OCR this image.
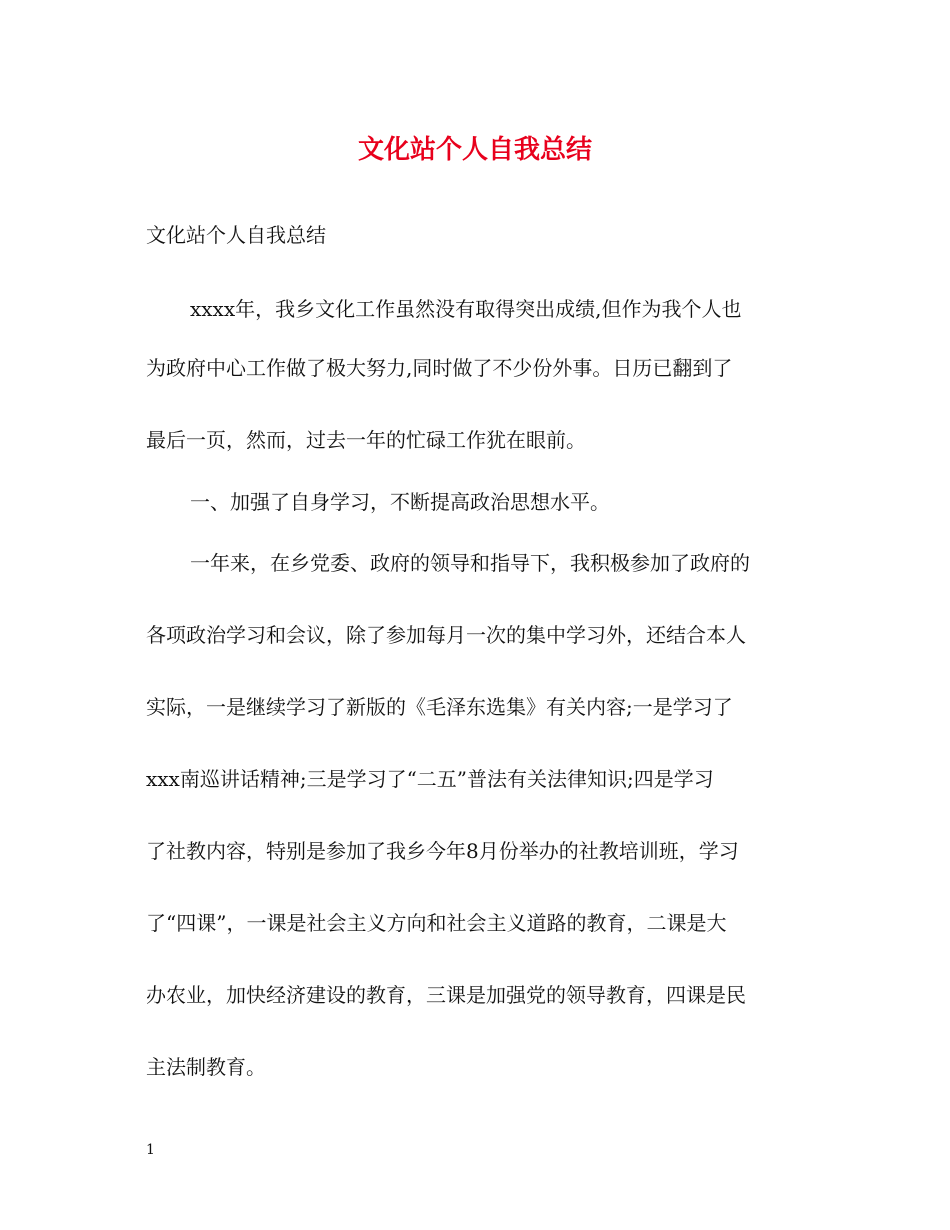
文化站个人自我总结
文化站个人自我总结
xxxx年，我乡文化工作虽然没有取得突出成绩,但作为我个人也
为政府中心工作做了极大努力,同时做了不少份外事。日历已翻到了
最后一页，然而，过去一年的忙碌工作犹在眼前。
一、加强了自身学习，不断提高政治思想水平。
一年来，在乡党委、政府的领导和指导下，我积极参加了政府的
各项政治学习和会议，除了参加每月一次的集中学习外，还结合本人
实际，一是继续学习了新版的《毛泽东选集》有关内容;一是学习了
xxx南巡讲话精神;三是学习了“二五”普法有关法律知识;四是学习
了社教内容，特别是参加了我乡今年8月份举办的社教培训班，学习
了“四课”，一课是社会主义方向和社会主义道路的教育，二课是大
办农业，加快经济建设的教育，三课是加强党的领导教育，四课是民
主法制教育。
1
